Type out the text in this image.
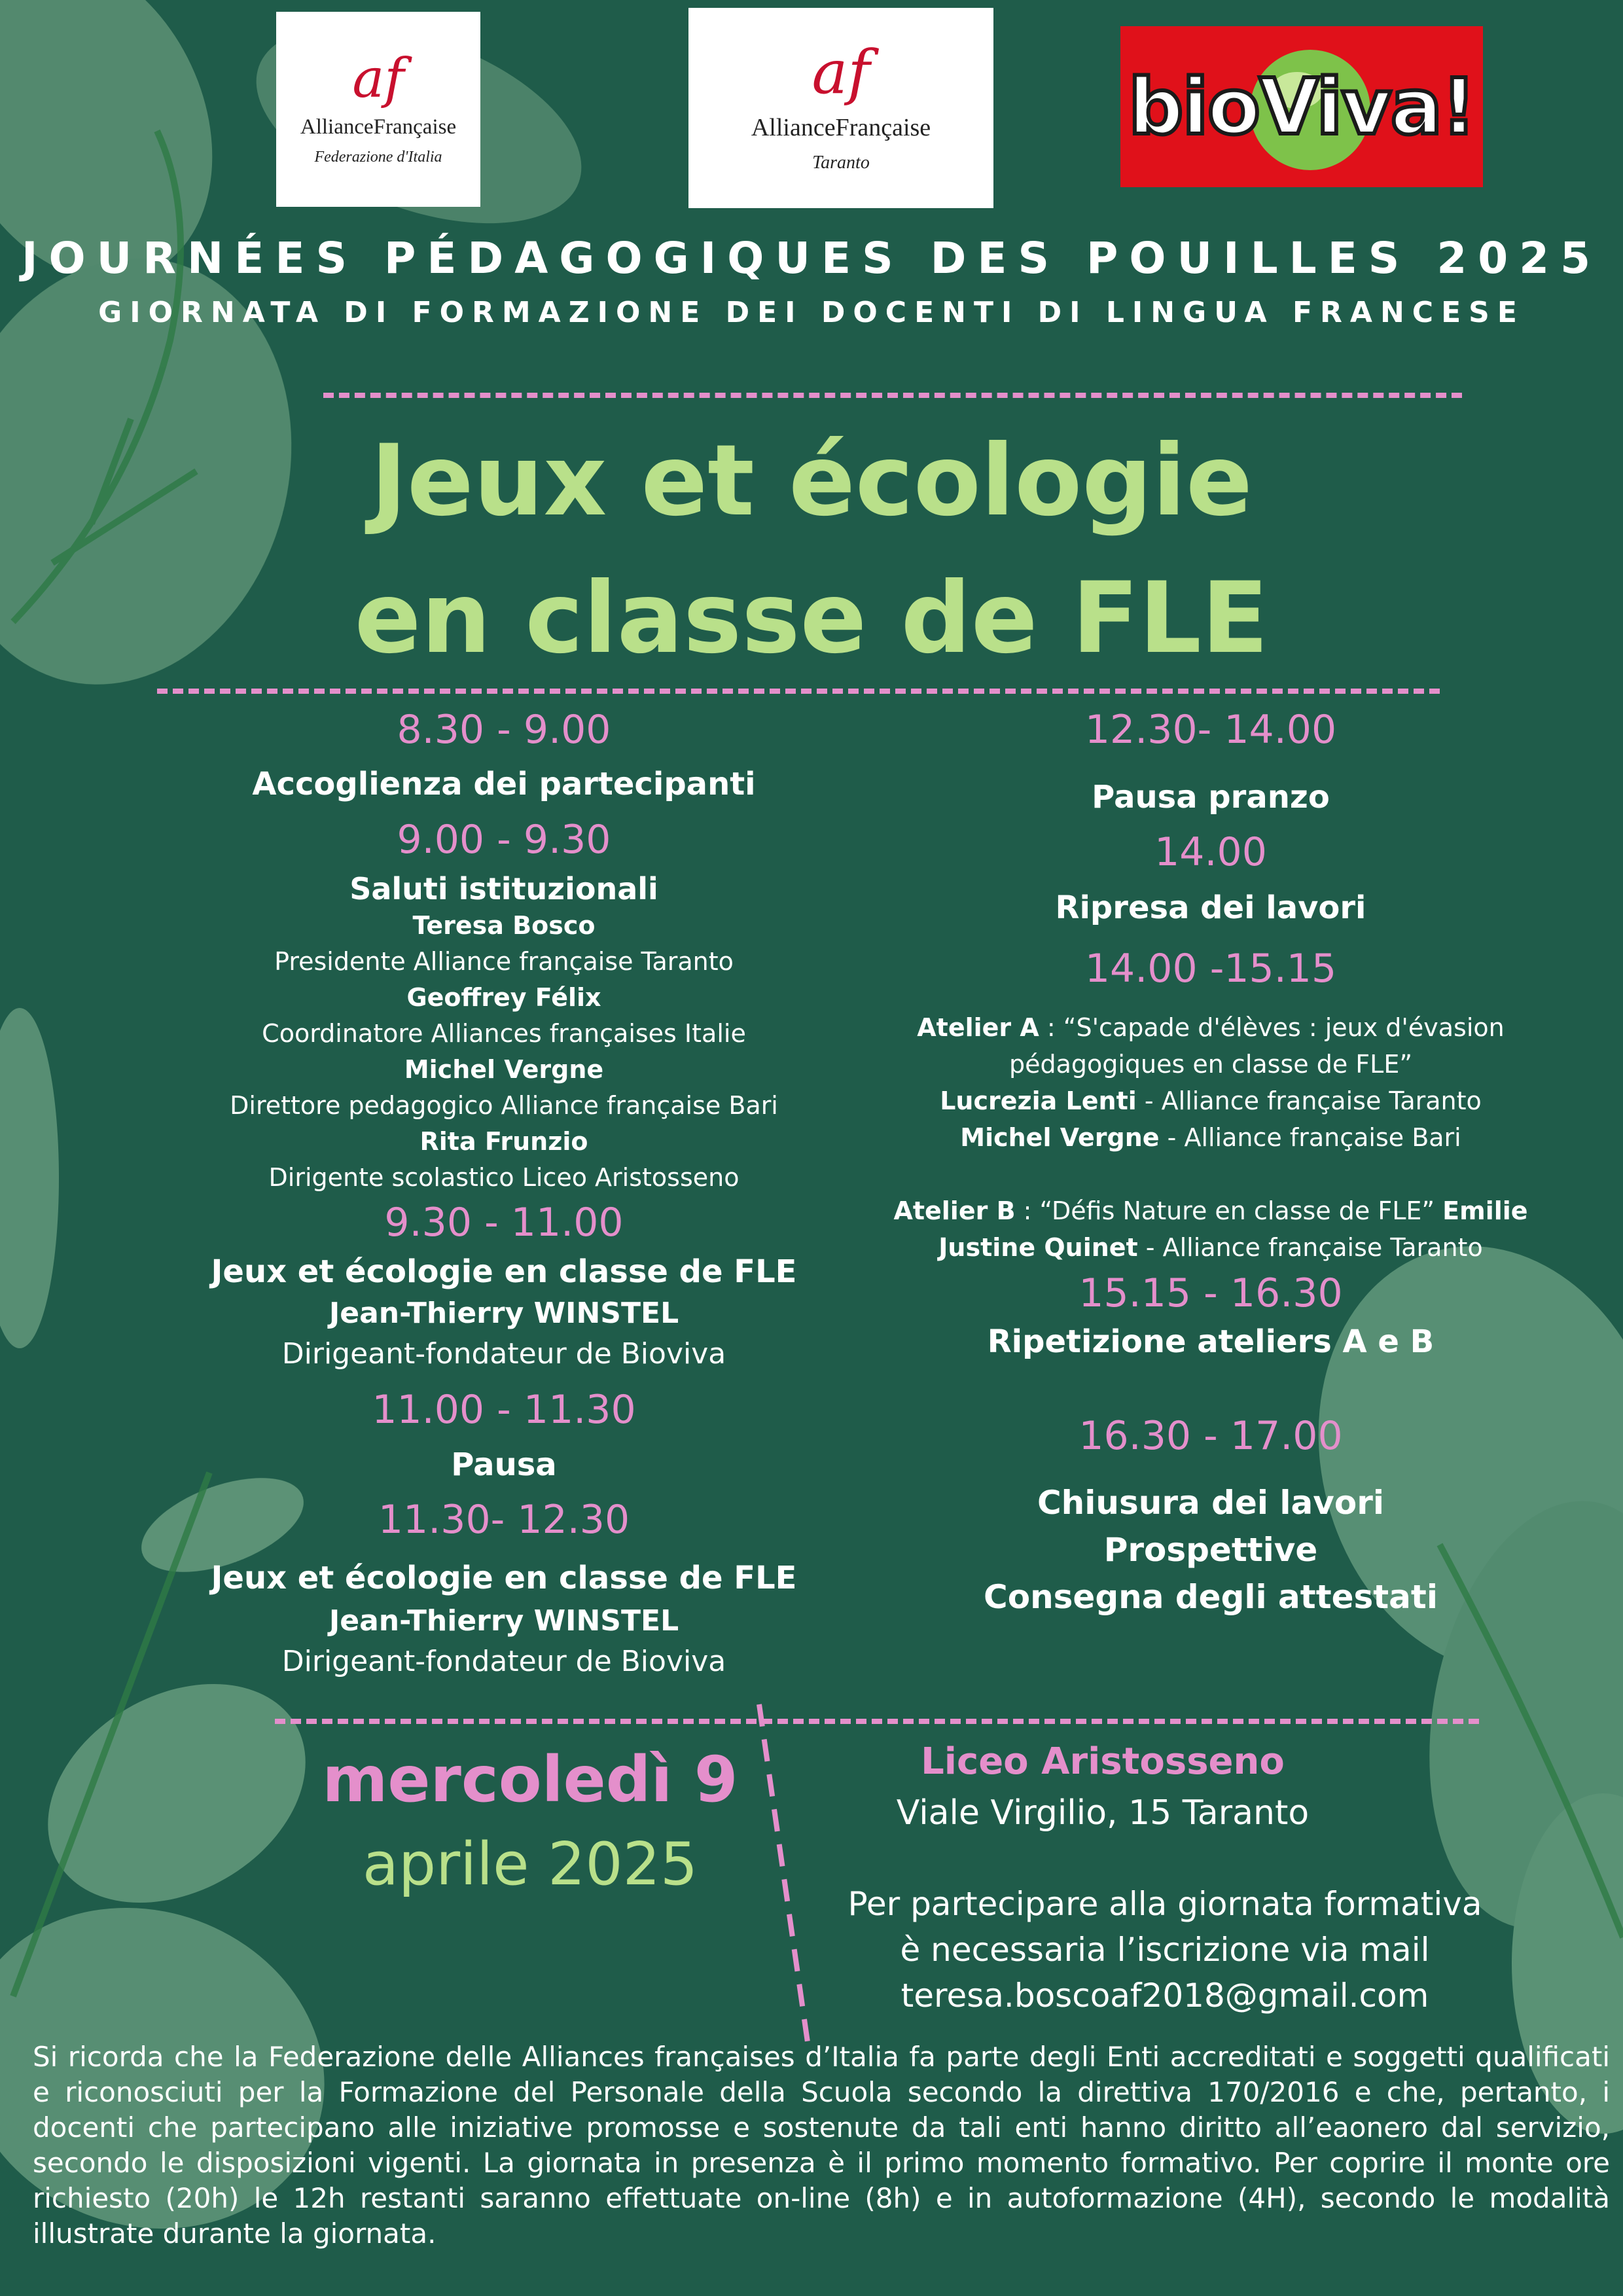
af
AllianceFrançaise
Federazione d'Italia
af
AllianceFrançaise
Taranto
bioViva!
JOURNÉES PÉDAGOGIQUES DES POUILLES 2025
GIORNATA DI FORMAZIONE DEI DOCENTI DI LINGUA FRANCESE
Jeux et écologie
en classe de FLE
8.30 - 9.00
Accoglienza dei partecipanti
9.00 - 9.30
Saluti istituzionali
Teresa Bosco
Presidente Alliance française Taranto
Geoffrey Félix
Coordinatore Alliances françaises Italie
Michel Vergne
Direttore pedagogico Alliance française Bari
Rita Frunzio
Dirigente scolastico Liceo Aristosseno
9.30 - 11.00
Jeux et écologie en classe de FLE
Jean-Thierry WINSTEL
Dirigeant-fondateur de Bioviva
11.00 - 11.30
Pausa
11.30- 12.30
Jeux et écologie en classe de FLE
Jean-Thierry WINSTEL
Dirigeant-fondateur de Bioviva
12.30- 14.00
Pausa pranzo
14.00
Ripresa dei lavori
14.00 -15.15
Atelier A : “S'capade d'élèves : jeux d'évasion
pédagogiques en classe de FLE”
Lucrezia Lenti - Alliance française Taranto
Michel Vergne - Alliance française Bari
Atelier B : “Défis Nature en classe de FLE” Emilie
Justine Quinet - Alliance française Taranto
15.15 - 16.30
Ripetizione ateliers A e B
16.30 - 17.00
Chiusura dei lavori
Prospettive
Consegna degli attestati
mercoledì 9
aprile 2025
Liceo Aristosseno
Viale Virgilio, 15 Taranto
Per partecipare alla giornata formativa
è necessaria l’iscrizione via mail
teresa.boscoaf2018@gmail.com
Si ricorda che la Federazione delle Alliances françaises d’Italia fa parte degli Enti accreditati e soggetti qualificati e riconosciuti per la Formazione del Personale della Scuola secondo la direttiva 170/2016 e che, pertanto, i docenti che partecipano alle iniziative promosse e sostenute da tali enti hanno diritto all’eaonero dal servizio, secondo le disposizioni vigenti. La giornata in presenza è il primo momento formativo. Per coprire il monte ore richiesto (20h) le 12h restanti saranno effettuate on-line (8h) e in autoformazione (4H), secondo le modalità illustrate durante la giornata.
